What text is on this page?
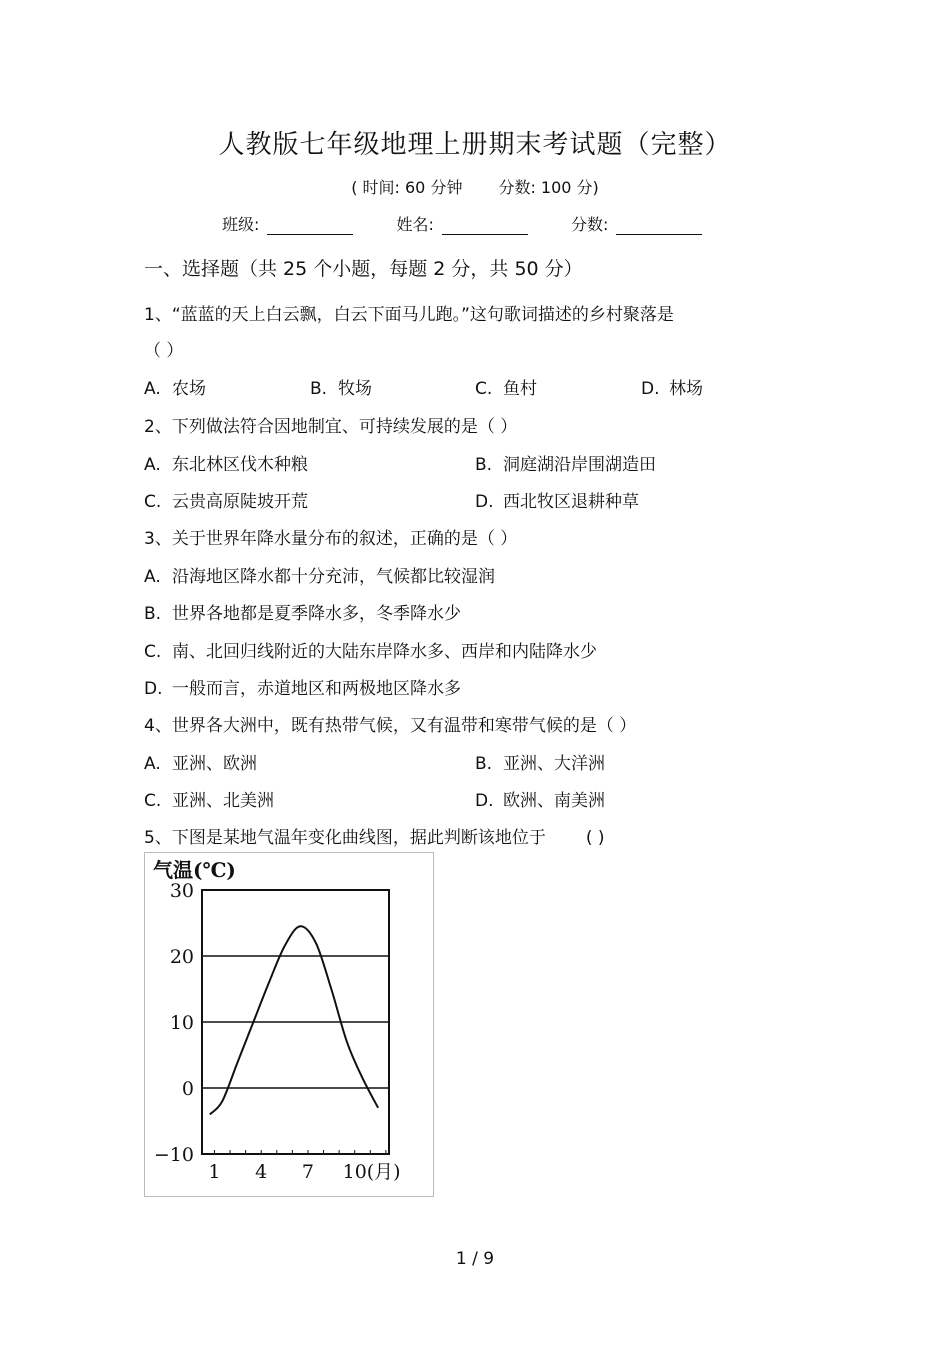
人教版七年级地理上册期末考试题（完整）
( 时间: 60 分钟 分数: 100 分)
班级:	姓名:	分数:
一、选择题（共 25 个小题，每题 2 分，共 50 分）
1、“蓝蓝的天上白云飘，白云下面马儿跑。”这句歌词描述的乡村聚落是
（ ）
A. 农场	B. 牧场	C. 鱼村	D. 林场
2、下列做法符合因地制宜、可持续发展的是（ ）
A. 东北林区伐木种粮	B. 洞庭湖沿岸围湖造田
C. 云贵高原陡坡开荒	D. 西北牧区退耕种草
3、关于世界年降水量分布的叙述，正确的是（ ）
A. 沿海地区降水都十分充沛，气候都比较湿润
B. 世界各地都是夏季降水多，冬季降水少
C. 南、北回归线附近的大陆东岸降水多、西岸和内陆降水少
D. 一般而言，赤道地区和两极地区降水多
4、世界各大洲中，既有热带气候，又有温带和寒带气候的是（ ）
A. 亚洲、欧洲	B. 亚洲、大洋洲
C. 亚洲、北美洲	D. 欧洲、南美洲
5、下图是某地气温年变化曲线图，据此判断该地位于 ( )
30
20
10
0
−10
1 4 7 10 (月)
气温(℃)
1 / 9
